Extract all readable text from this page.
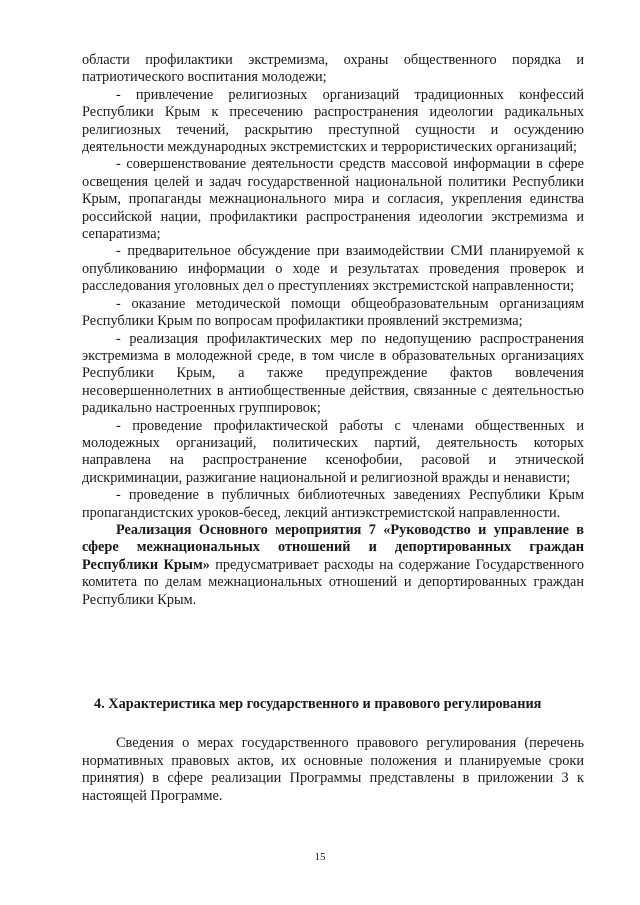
области профилактики экстремизма, охраны общественного порядка и патриотического воспитания молодежи;

- привлечение религиозных организаций традиционных конфессий Республики Крым к пресечению распространения идеологии радикальных религиозных течений, раскрытию преступной сущности и осуждению деятельности международных экстремистских и террористических организаций;

- совершенствование деятельности средств массовой информации в сфере освещения целей и задач государственной национальной политики Республики Крым, пропаганды межнационального мира и согласия, укрепления единства российской нации, профилактики распространения идеологии экстремизма и сепаратизма;

- предварительное обсуждение при взаимодействии СМИ планируемой к опубликованию информации о ходе и результатах проведения проверок и расследования уголовных дел о преступлениях экстремистской направленности;

- оказание методической помощи общеобразовательным организациям Республики Крым по вопросам профилактики проявлений экстремизма;

- реализация профилактических мер по недопущению распространения экстремизма в молодежной среде, в том числе в образовательных организациях Республики Крым, а также предупреждение фактов вовлечения несовершеннолетних в антиобщественные действия, связанные с деятельностью радикально настроенных группировок;

- проведение профилактической работы с членами общественных и молодежных организаций, политических партий, деятельность которых направлена на распространение ксенофобии, расовой и этнической дискриминации, разжигание национальной и религиозной вражды и ненависти;

- проведение в публичных библиотечных заведениях Республики Крым пропагандистских уроков-бесед, лекций антиэкстремистской направленности.

Реализация Основного мероприятия 7 «Руководство и управление в сфере межнациональных отношений и депортированных граждан Республики Крым» предусматривает расходы на содержание Государственного комитета по делам межнациональных отношений и депортированных граждан Республики Крым.

4. Характеристика мер государственного и правового регулирования

Сведения о мерах государственного правового регулирования (перечень нормативных правовых актов, их основные положения и планируемые сроки принятия) в сфере реализации Программы представлены в приложении 3 к настоящей Программе.

15
